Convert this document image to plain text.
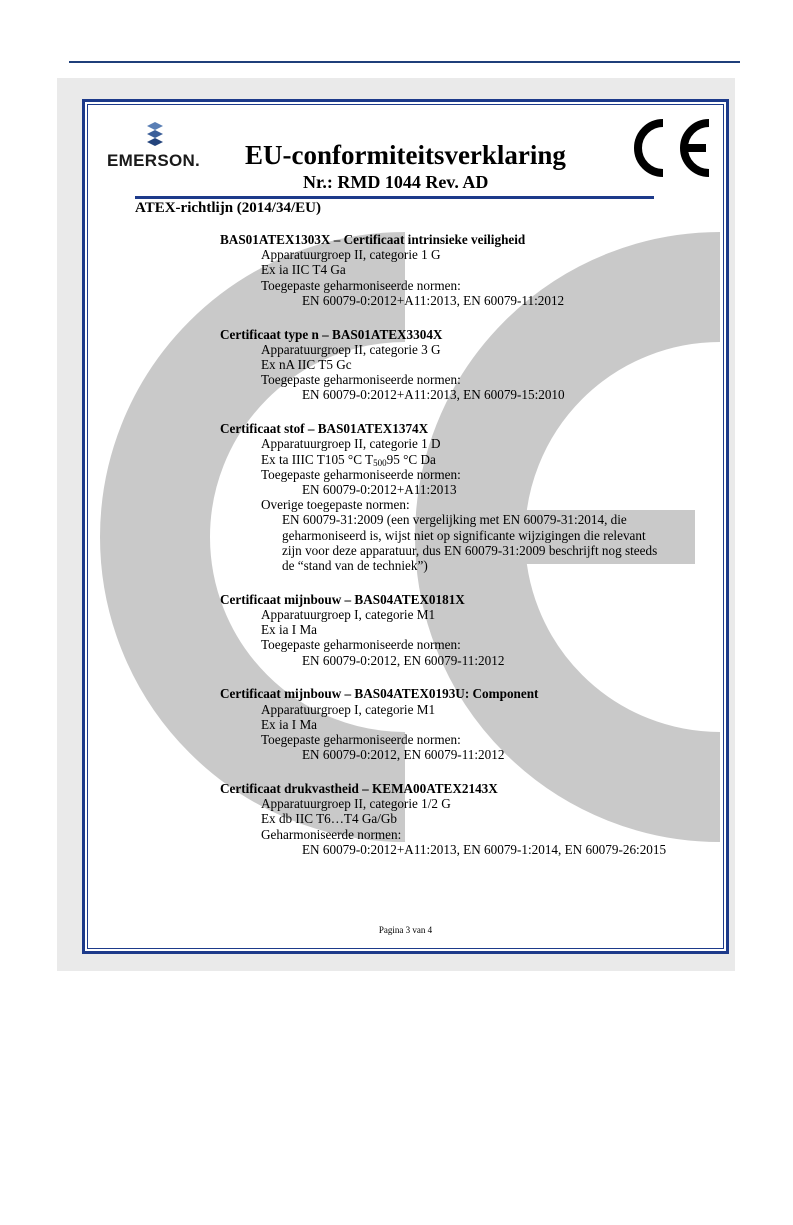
EMERSON. EU-conformiteitsverklaring
Nr.: RMD 1044 Rev. AD
ATEX-richtlijn (2014/34/EU)
BAS01ATEX1303X – Certificaat intrinsieke veiligheid
Apparatuurgroep II, categorie 1 G
Ex ia IIC T4 Ga
Toegepaste geharmoniseerde normen:
EN 60079-0:2012+A11:2013, EN 60079-11:2012
Certificaat type n – BAS01ATEX3304X
Apparatuurgroep II, categorie 3 G
Ex nA IIC T5 Gc
Toegepaste geharmoniseerde normen:
EN 60079-0:2012+A11:2013, EN 60079-15:2010
Certificaat stof – BAS01ATEX1374X
Apparatuurgroep II, categorie 1 D
Ex ta IIIC T105 °C $T_{500}95$ °C Da
Toegepaste geharmoniseerde normen:
EN 60079-0:2012+A11:2013
Overige toegepaste normen:
EN 60079-31:2009 (een vergelijking met EN 60079-31:2014, die
geharmoniseerd is, wijst niet op significante wijzigingen die relevant
zijn voor deze apparatuur, dus EN 60079-31:2009 beschrijft nog steeds
de “stand van de techniek”)
Certificaat mijnbouw – BAS04ATEX0181X
Apparatuurgroep I, categorie M1
Ex ia I Ma
Toegepaste geharmoniseerde normen:
EN 60079-0:2012, EN 60079-11:2012
Certificaat mijnbouw – BAS04ATEX0193U: Component
Apparatuurgroep I, categorie M1
Ex ia I Ma
Toegepaste geharmoniseerde normen:
EN 60079-0:2012, EN 60079-11:2012
Certificaat drukvastheid – KEMA00ATEX2143X
Apparatuurgroep II, categorie 1/2 G
Ex db IIC T6…T4 Ga/Gb
Geharmoniseerde normen:
EN 60079-0:2012+A11:2013, EN 60079-1:2014, EN 60079-26:2015
Pagina 3 van 4
